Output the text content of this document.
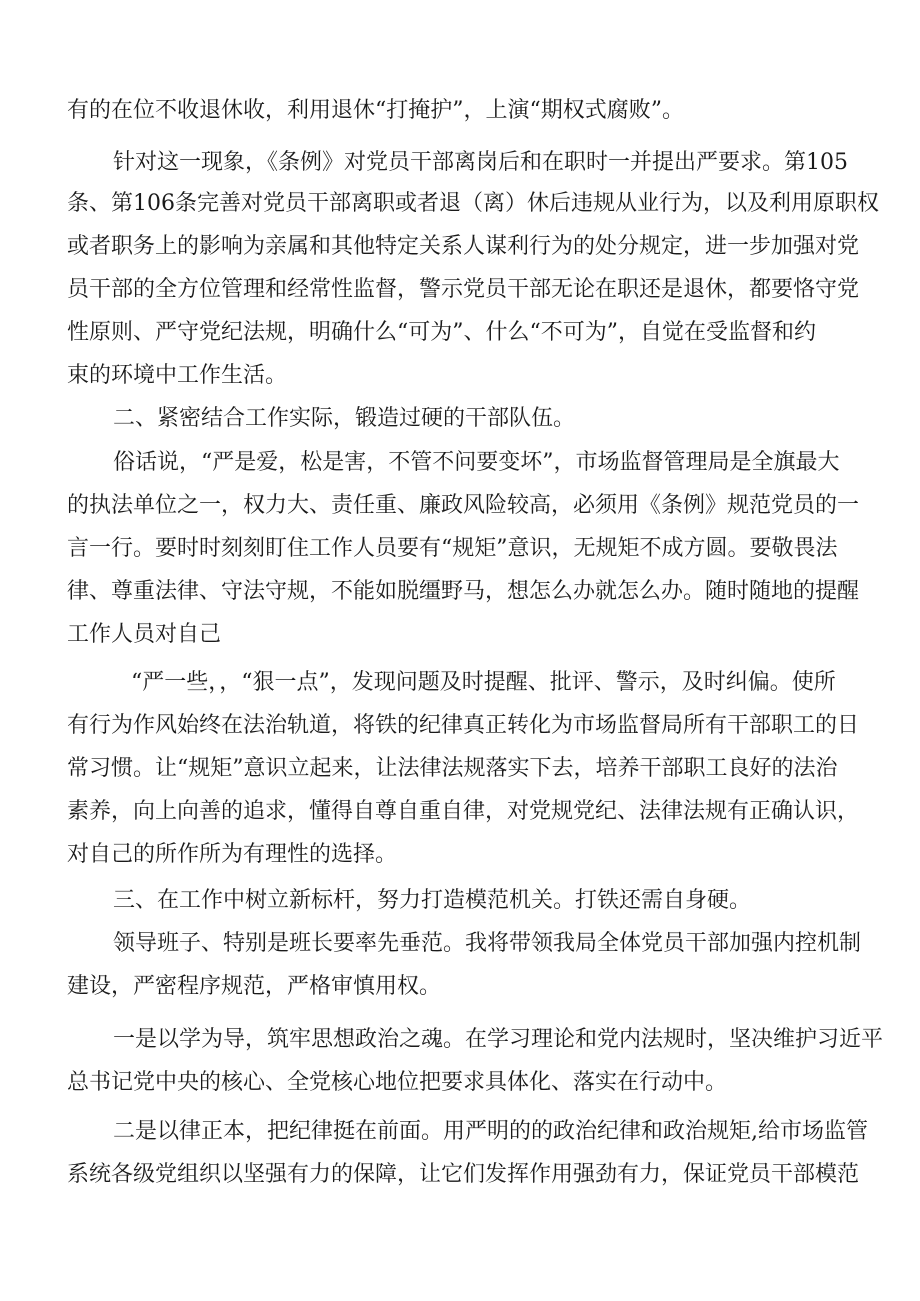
有的在位不收退休收，利用退休“打掩护”，上演“期权式腐败”。

针对这一现象，《条例》对党员干部离岗后和在职时一并提出严要求。第105

条、第106条完善对党员干部离职或者退（离）休后违规从业行为，以及利用原职权

或者职务上的影响为亲属和其他特定关系人谋利行为的处分规定，进一步加强对党

员干部的全方位管理和经常性监督，警示党员干部无论在职还是退休，都要恪守党

性原则、严守党纪法规，明确什么“可为”、什么“不可为”，自觉在受监督和约

束的环境中工作生活。

二、紧密结合工作实际，锻造过硬的干部队伍。

俗话说，“严是爱，松是害，不管不问要变坏”，市场监督管理局是全旗最大

的执法单位之一，权力大、责任重、廉政风险较高，必须用《条例》规范党员的一

言一行。要时时刻刻盯住工作人员要有“规矩”意识，无规矩不成方圆。要敬畏法

律、尊重法律、守法守规，不能如脱缰野马，想怎么办就怎么办。随时随地的提醒

工作人员对自己

“严一些，，“狠一点”，发现问题及时提醒、批评、警示，及时纠偏。使所

有行为作风始终在法治轨道，将铁的纪律真正转化为市场监督局所有干部职工的日

常习惯。让“规矩”意识立起来，让法律法规落实下去，培养干部职工良好的法治

素养，向上向善的追求，懂得自尊自重自律，对党规党纪、法律法规有正确认识，

对自己的所作所为有理性的选择。

三、在工作中树立新标杆，努力打造模范机关。打铁还需自身硬。

领导班子、特别是班长要率先垂范。我将带领我局全体党员干部加强内控机制

建设，严密程序规范，严格审慎用权。

一是以学为导，筑牢思想政治之魂。在学习理论和党内法规时，坚决维护习近平

总书记党中央的核心、全党核心地位把要求具体化、落实在行动中。

二是以律正本，把纪律挺在前面。用严明的的政治纪律和政治规矩,给市场监管

系统各级党组织以坚强有力的保障，让它们发挥作用强劲有力，保证党员干部模范
